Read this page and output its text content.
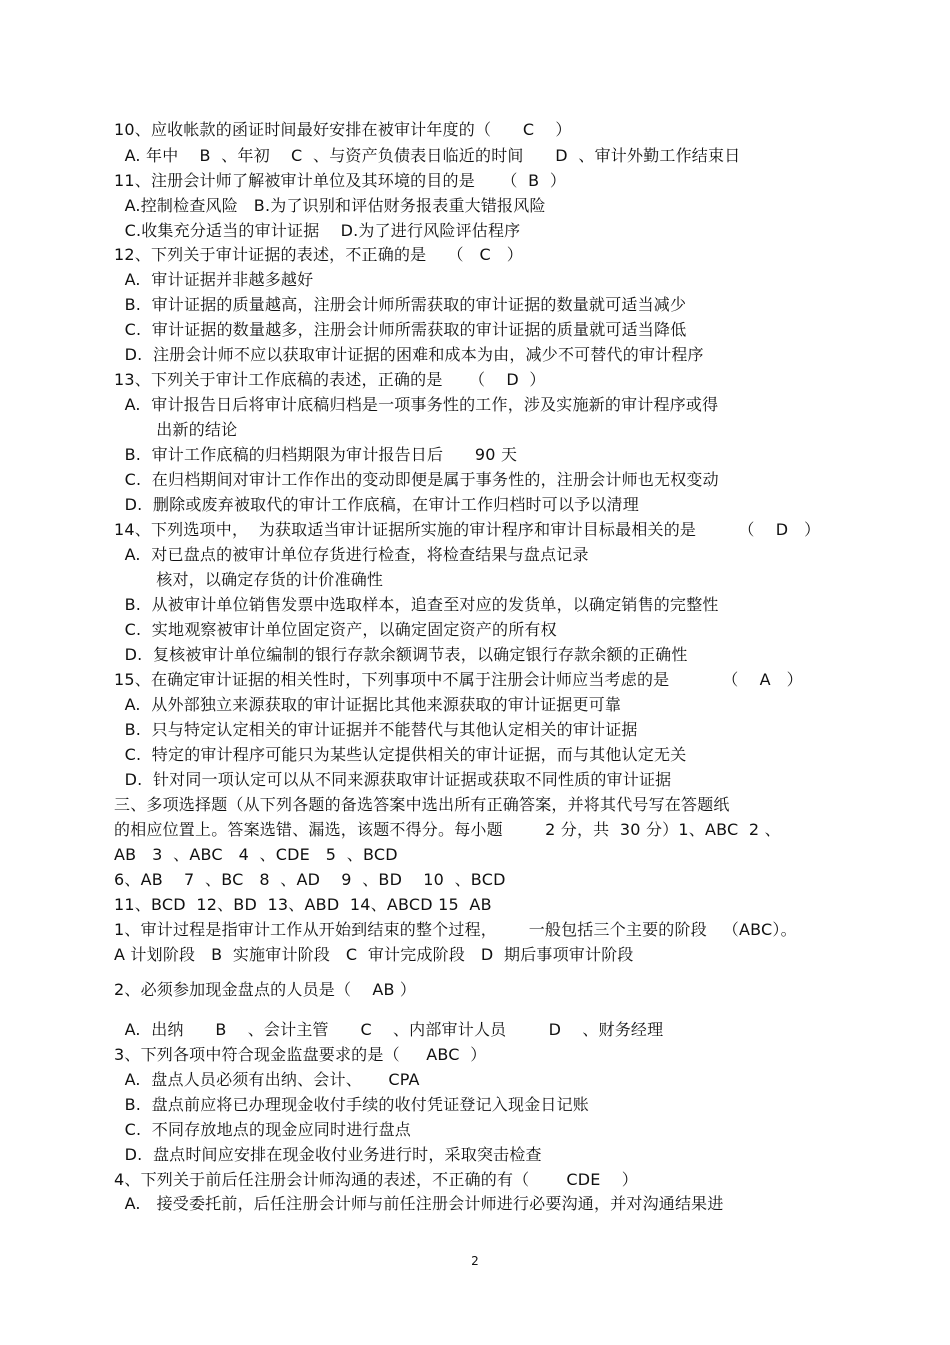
10、应收帐款的函证时间最好安排在被审计年度的（      C    ）
A. 年中    B  、年初    C  、与资产负债表日临近的时间      D  、审计外勤工作结束日
11、注册会计师了解被审计单位及其环境的目的是     （  B  ）
A.控制检查风险   B.为了识别和评估财务报表重大错报风险
C.收集充分适当的审计证据    D.为了进行风险评估程序
12、下列关于审计证据的表述，不正确的是    （   C   ）
A.  审计证据并非越多越好
B.  审计证据的质量越高，注册会计师所需获取的审计证据的数量就可适当减少
C.  审计证据的数量越多，注册会计师所需获取的审计证据的质量就可适当降低
D.  注册会计师不应以获取审计证据的困难和成本为由，减少不可替代的审计程序
13、下列关于审计工作底稿的表述，正确的是     （    D  ）
A.  审计报告日后将审计底稿归档是一项事务性的工作，涉及实施新的审计程序或得
出新的结论
B.  审计工作底稿的归档期限为审计报告日后      90 天
C.  在归档期间对审计工作作出的变动即便是属于事务性的，注册会计师也无权变动
D.  删除或废弃被取代的审计工作底稿，在审计工作归档时可以予以清理
14、下列选项中，  为获取适当审计证据所实施的审计程序和审计目标最相关的是        （    D   ）
A.  对已盘点的被审计单位存货进行检查，将检查结果与盘点记录
核对，以确定存货的计价准确性
B.  从被审计单位销售发票中选取样本，追查至对应的发货单，以确定销售的完整性
C.  实地观察被审计单位固定资产，以确定固定资产的所有权
D.  复核被审计单位编制的银行存款余额调节表，以确定银行存款余额的正确性
15、在确定审计证据的相关性时，下列事项中不属于注册会计师应当考虑的是          （    A   ）
A.  从外部独立来源获取的审计证据比其他来源获取的审计证据更可靠
B.  只与特定认定相关的审计证据并不能替代与其他认定相关的审计证据
C.  特定的审计程序可能只为某些认定提供相关的审计证据，而与其他认定无关
D.  针对同一项认定可以从不同来源获取审计证据或获取不同性质的审计证据
三、多项选择题（从下列各题的备选答案中选出所有正确答案，并将其代号写在答题纸
的相应位置上。答案选错、漏选，该题不得分。每小题        2 分，共  30 分）1、ABC  2 、
AB   3  、ABC   4  、CDE   5  、BCD
6、AB    7  、BC   8  、AD    9  、BD    10  、BCD
11、BCD  12、BD  13、ABD  14、ABCD 15  AB
1、审计过程是指审计工作从开始到结束的整个过程，      一般包括三个主要的阶段   （ABC）。
A 计划阶段   B  实施审计阶段   C  审计完成阶段   D  期后事项审计阶段
2、必须参加现金盘点的人员是（    AB ）
A.  出纳      B    、会计主管      C    、内部审计人员        D    、财务经理
3、下列各项中符合现金监盘要求的是（     ABC  ）
A.  盘点人员必须有出纳、会计、     CPA
B.  盘点前应将已办理现金收付手续的收付凭证登记入现金日记账
C.  不同存放地点的现金应同时进行盘点
D.  盘点时间应安排在现金收付业务进行时，采取突击检查
4、下列关于前后任注册会计师沟通的表述，不正确的有（       CDE    ）
A.   接受委托前，后任注册会计师与前任注册会计师进行必要沟通，并对沟通结果进
2
